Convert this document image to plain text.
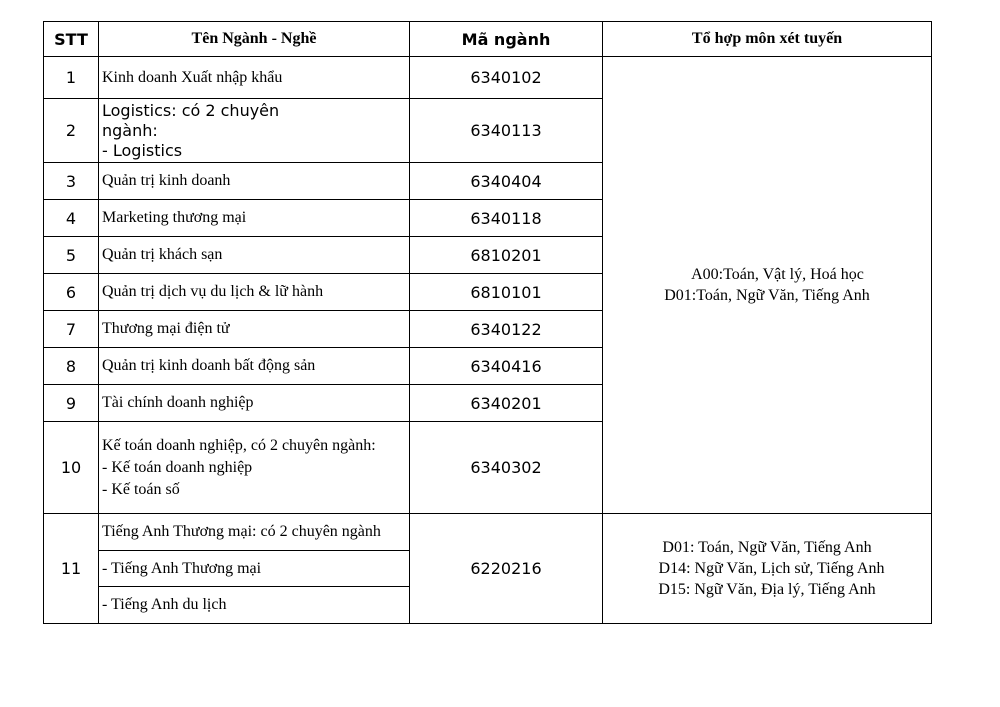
STT	Tên Ngành - Nghề	Mã ngành	Tổ hợp môn xét tuyến
1	Kinh doanh Xuất nhập khẩu	6340102	A00:Toán, Vật lý, Hoá học
D01:Toán, Ngữ Văn, Tiếng Anh

2	Logistics: có 2 chuyên
ngành:
- Logistics	6340113	
3	Quản trị kinh doanh	6340404	
4	Marketing thương mại	6340118	
5	Quản trị khách sạn	6810201	
6	Quản trị dịch vụ du lịch & lữ hành	6810101	
7	Thương mại điện tử	6340122	
8	Quản trị kinh doanh bất động sản	6340416	
9	Tài chính doanh nghiệp	6340201	
10	Kế toán doanh nghiệp, có 2 chuyên ngành:
- Kế toán doanh nghiệp
- Kế toán số	6340302	
11	Tiếng Anh Thương mại: có 2 chuyên ngành	6220216	D01: Toán, Ngữ Văn, Tiếng Anh
D14: Ngữ Văn, Lịch sử, Tiếng Anh
D15: Ngữ Văn, Địa lý, Tiếng Anh

	- Tiếng Anh Thương mại		
	- Tiếng Anh du lịch		
